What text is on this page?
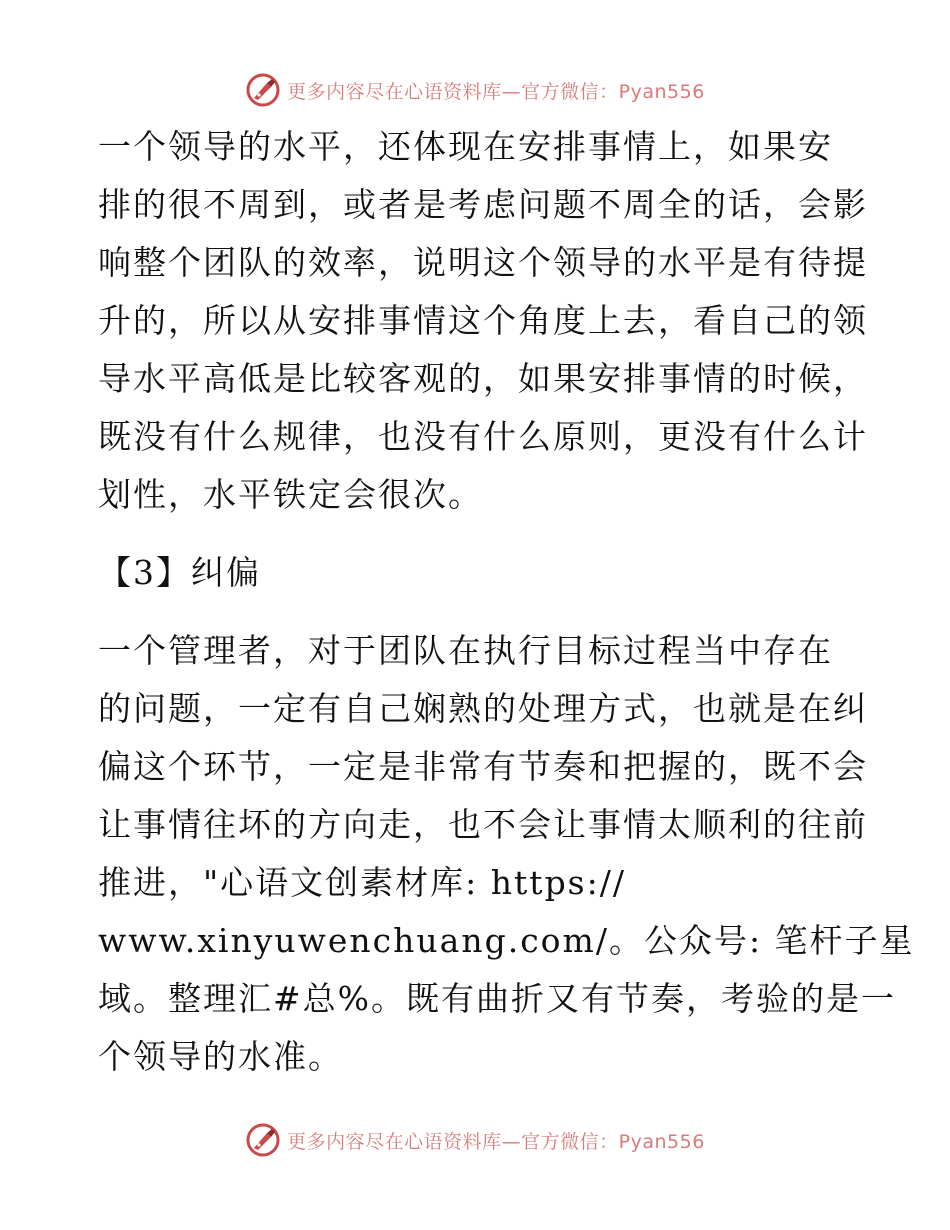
更多内容尽在心语资料库—官方微信：Pyan556
一个领导的水平，还体现在安排事情上，如果安
排的很不周到，或者是考虑问题不周全的话，会影
响整个团队的效率，说明这个领导的水平是有待提
升的，所以从安排事情这个角度上去，看自己的领
导水平高低是比较客观的，如果安排事情的时候，
既没有什么规律，也没有什么原则，更没有什么计
划性，水平铁定会很次。
【3】纠偏
一个管理者，对于团队在执行目标过程当中存在
的问题，一定有自己娴熟的处理方式，也就是在纠
偏这个环节，一定是非常有节奏和把握的，既不会
让事情往坏的方向走，也不会让事情太顺利的往前
推进，"心语文创素材库: https://
www.xinyuwenchuang.com/。公众号: 笔杆子星
域。整理汇#总%。既有曲折又有节奏，考验的是一
个领导的水准。
更多内容尽在心语资料库—官方微信：Pyan556
